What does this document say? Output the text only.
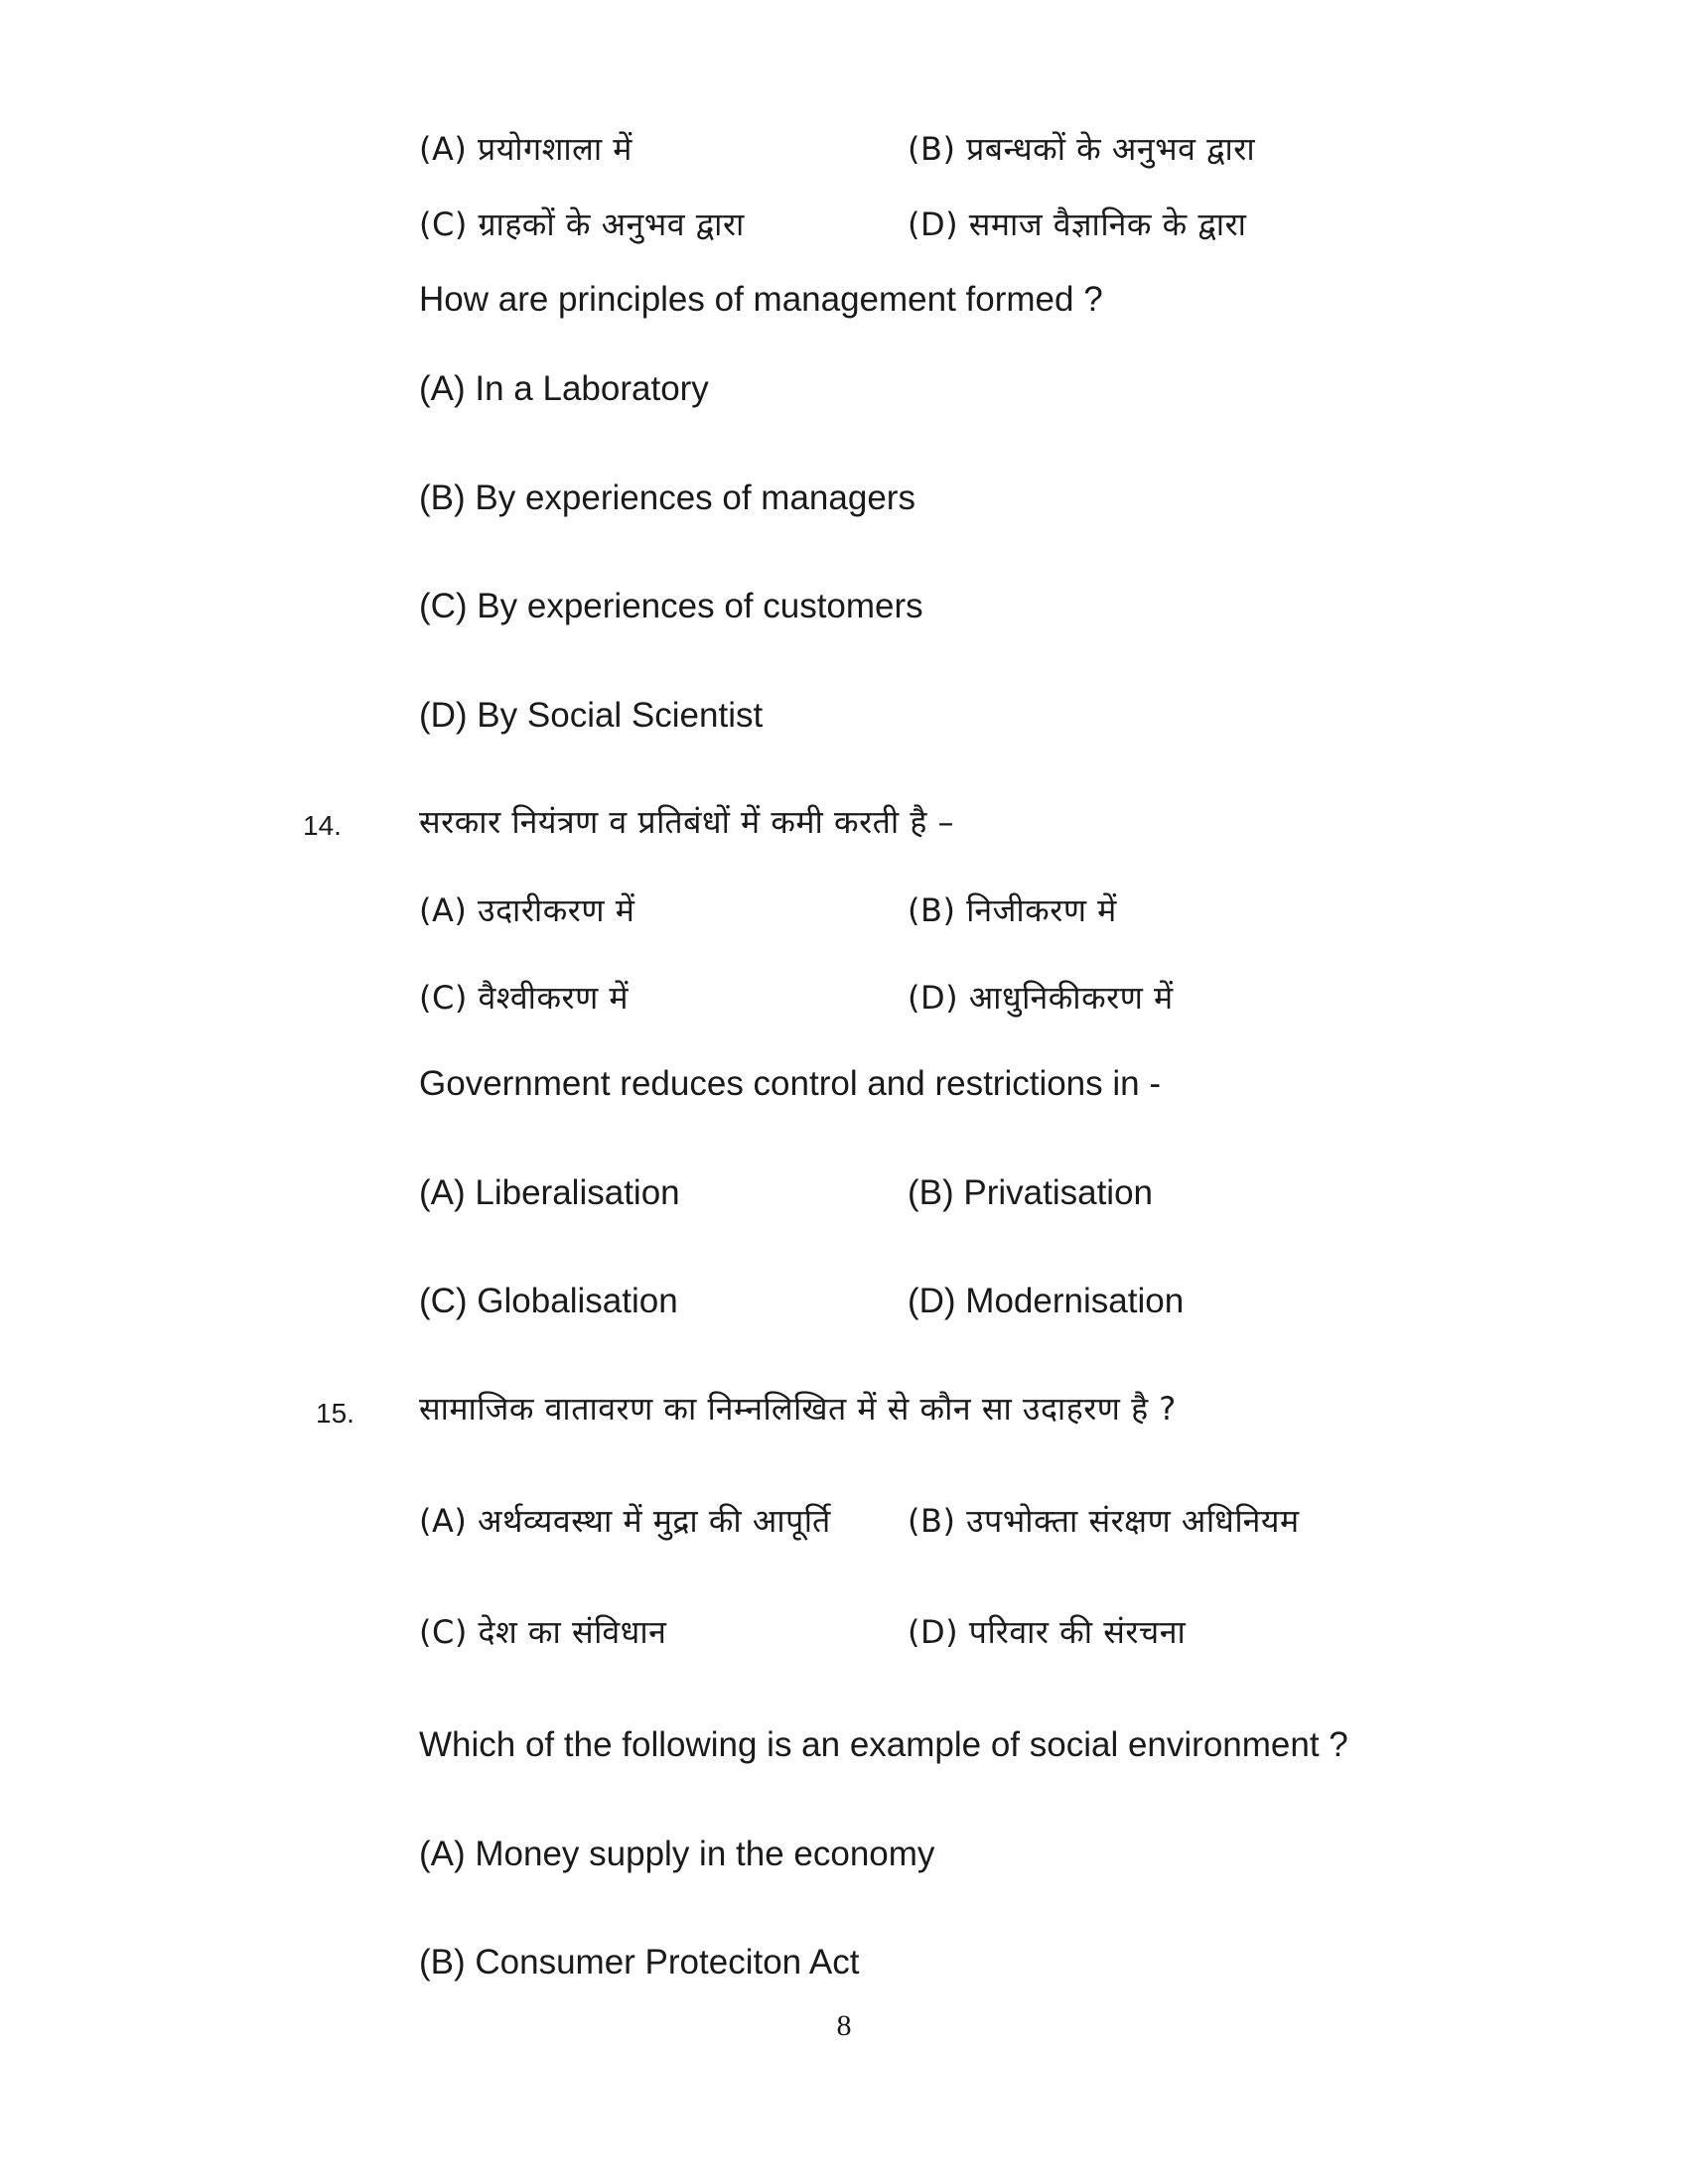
(A) प्रयोगशाला में	(B) प्रबन्धकों के अनुभव द्वारा
(C) ग्राहकों के अनुभव द्वारा	(D) समाज वैज्ञानिक के द्वारा
How are principles of management formed ?
(A) In a Laboratory
(B) By experiences of managers
(C) By experiences of customers
(D) By Social Scientist
14. सरकार नियंत्रण व प्रतिबंधों में कमी करती है –
(A) उदारीकरण में	(B) निजीकरण में
(C) वैश्वीकरण में	(D) आधुनिकीकरण में
Government reduces control and restrictions in -
(A) Liberalisation	(B) Privatisation
(C) Globalisation	(D) Modernisation
15. सामाजिक वातावरण का निम्नलिखित में से कौन सा उदाहरण है ?
(A) अर्थव्यवस्था में मुद्रा की आपूर्ति (B) उपभोक्ता संरक्षण अधिनियम
(C) देश का संविधान	(D) परिवार की संरचना
Which of the following is an example of social environment ?
(A) Money supply in the economy
(B) Consumer Proteciton Act
8
